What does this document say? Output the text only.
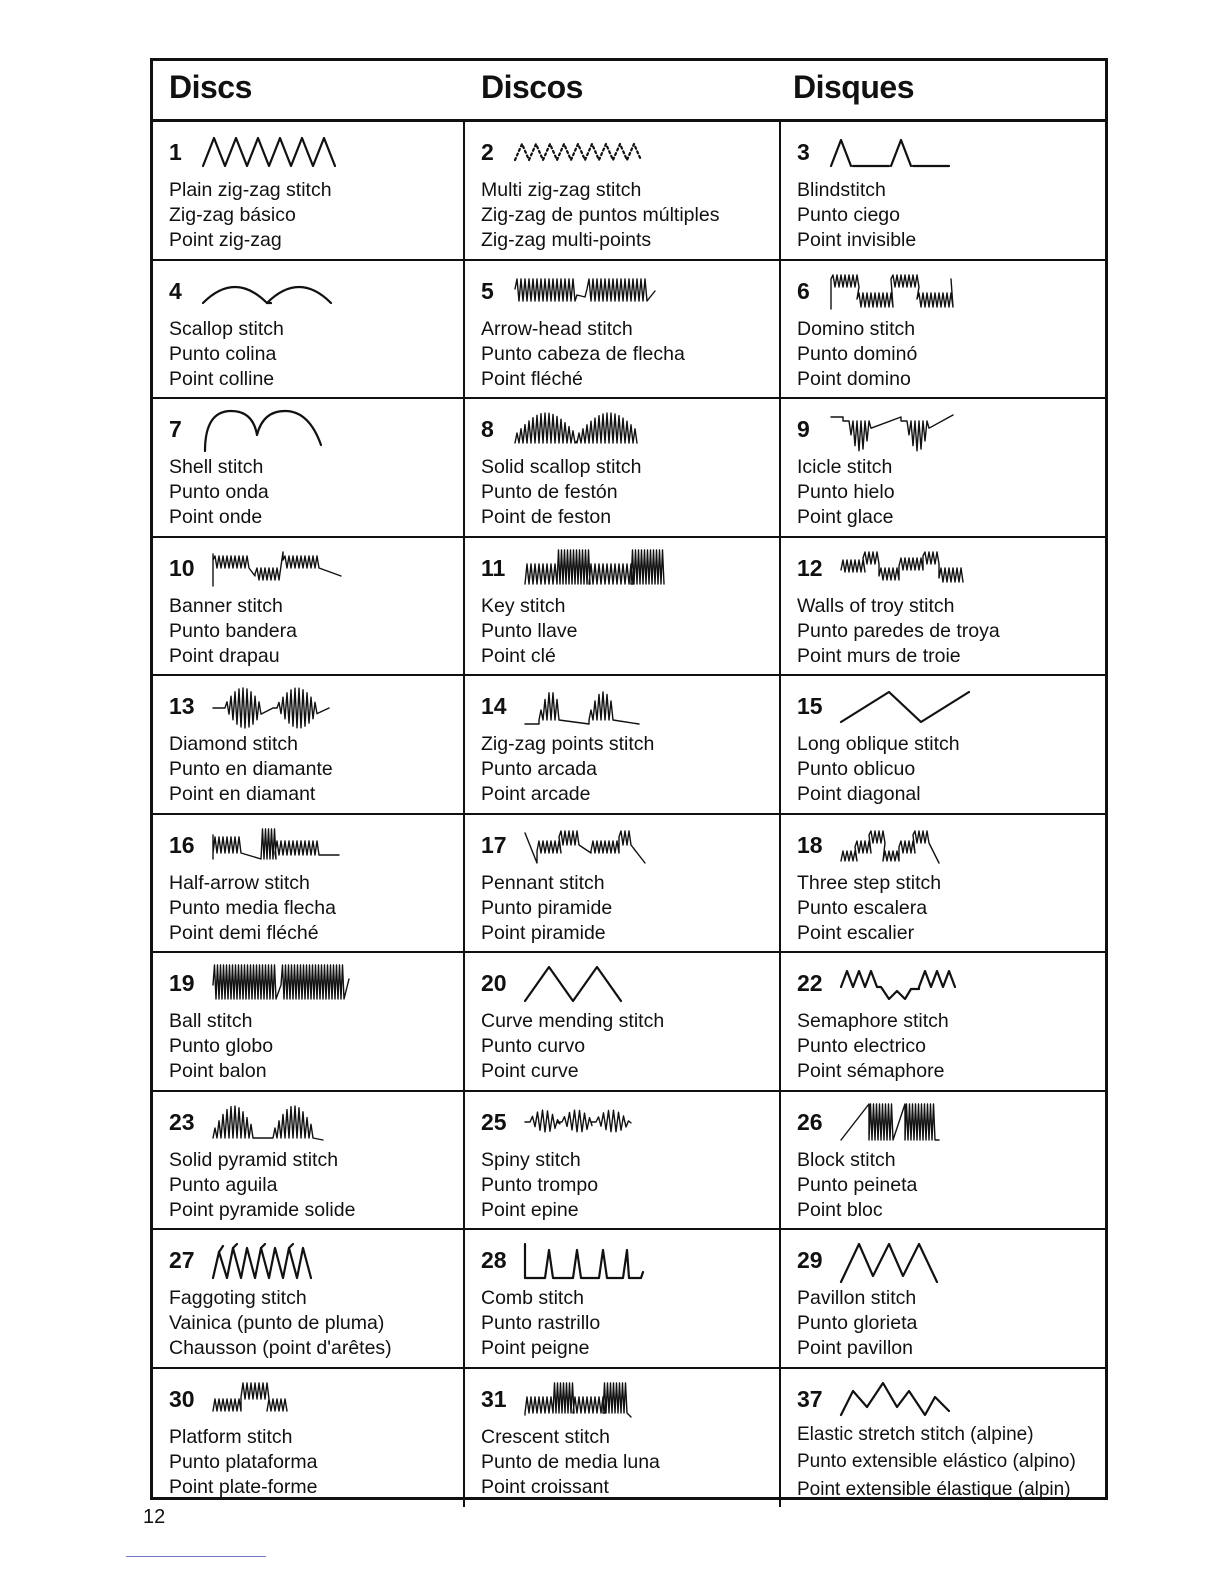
Discs	Discos	Disques
1
Plain zig-zag stitch
Zig-zag básico
Point zig-zag
2
Multi zig-zag stitch
Zig-zag de puntos múltiples
Zig-zag multi-points
3
Blindstitch
Punto ciego
Point invisible
4
Scallop stitch
Punto colina
Point colline
5
Arrow-head stitch
Punto cabeza de flecha
Point fléché
6
Domino stitch
Punto dominó
Point domino
7
Shell stitch
Punto onda
Point onde
8
Solid scallop stitch
Punto de festón
Point de feston
9
Icicle stitch
Punto hielo
Point glace
10
Banner stitch
Punto bandera
Point drapau
11
Key stitch
Punto llave
Point clé
12
Walls of troy stitch
Punto paredes de troya
Point murs de troie
13
Diamond stitch
Punto en diamante
Point en diamant
14
Zig-zag points stitch
Punto arcada
Point arcade
15
Long oblique stitch
Punto oblicuo
Point diagonal
16
Half-arrow stitch
Punto media flecha
Point demi fléché
17
Pennant stitch
Punto piramide
Point piramide
18
Three step stitch
Punto escalera
Point escalier
19
Ball stitch
Punto globo
Point balon
20
Curve mending stitch
Punto curvo
Point curve
22
Semaphore stitch
Punto electrico
Point sémaphore
23
Solid pyramid stitch
Punto aguila
Point pyramide solide
25
Spiny stitch
Punto trompo
Point epine
26
Block stitch
Punto peineta
Point bloc
27
Faggoting stitch
Vainica (punto de pluma)
Chausson (point d'arêtes)
28
Comb stitch
Punto rastrillo
Point peigne
29
Pavillon stitch
Punto glorieta
Point pavillon
30
Platform stitch
Punto plataforma
Point plate-forme
31
Crescent stitch
Punto de media luna
Point croissant
37
Elastic stretch stitch (alpine)
Punto extensible elástico (alpino)
Point extensible élastique (alpin)
12
